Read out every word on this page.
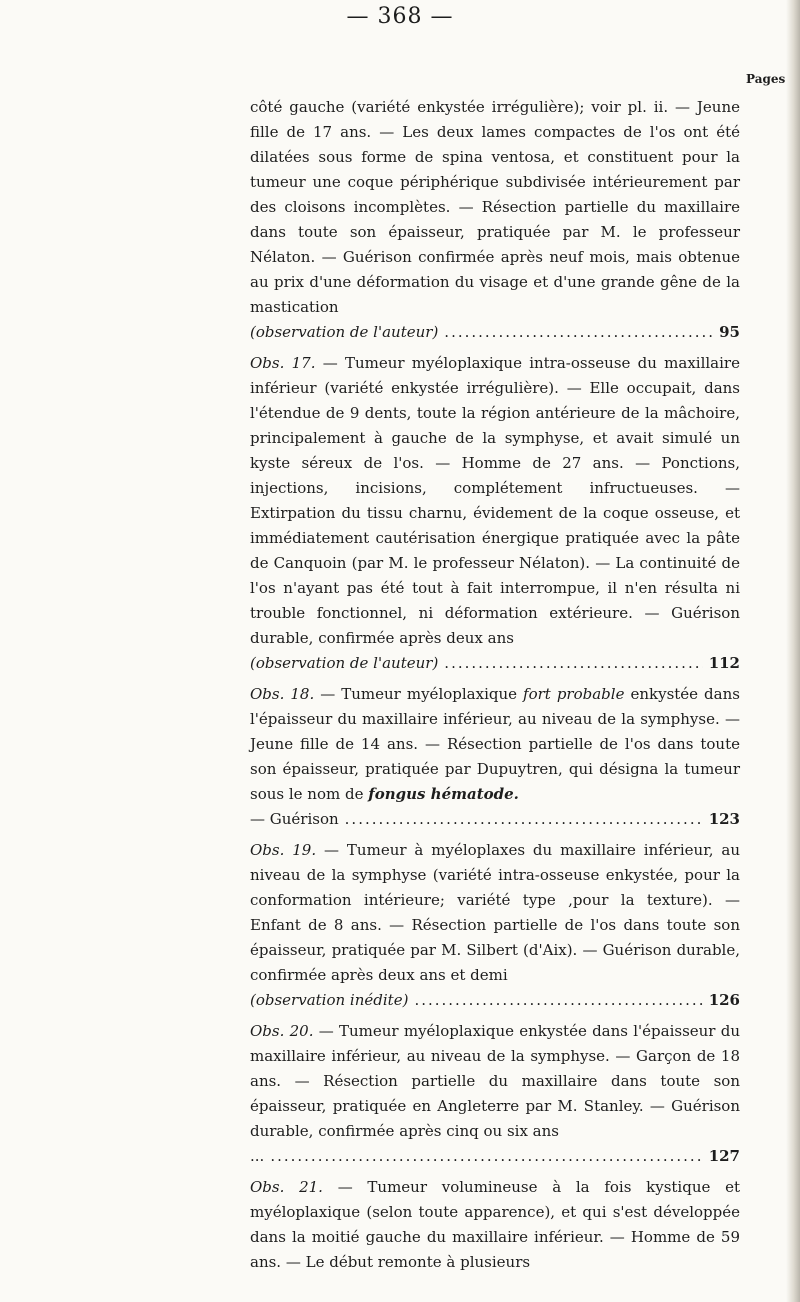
— 368 —
Pages
côté gauche (variété enkystée irrégulière); voir pl. ii. — Jeune fille de 17 ans. — Les deux lames compactes de l'os ont été dilatées sous forme de spina ventosa, et constituent pour la tumeur une coque périphérique subdivisée intérieurement par des cloisons incomplètes. — Résection partielle du maxillaire dans toute son épaisseur, pratiquée par M. le professeur Nélaton. — Guérison confirmée après neuf mois, mais obtenue au prix d'une déformation du visage et d'une grande gêne de la mastication
(observation de l'auteur) .....	95
Obs. 17. — Tumeur myéloplaxique intra-osseuse du maxillaire inférieur (variété enkystée irrégulière). — Elle occupait, dans l'étendue de 9 dents, toute la région antérieure de la mâchoire, principalement à gauche de la symphyse, et avait simulé un kyste séreux de l'os. — Homme de 27 ans. — Ponctions, injections, incisions, complétement infructueuses. — Extirpation du tissu charnu, évidement de la coque osseuse, et immédiatement cautérisation énergique pratiquée avec la pâte de Canquoin (par M. le professeur Nélaton). — La continuité de l'os n'ayant pas été tout à fait interrompue, il n'en résulta ni trouble fonctionnel, ni déformation extérieure. — Guérison durable, confirmée après deux ans
(observation de l'auteur) .....	112
Obs. 18. — Tumeur myéloplaxique fort probable enkystée dans l'épaisseur du maxillaire inférieur, au niveau de la symphyse. — Jeune fille de 14 ans. — Résection partielle de l'os dans toute son épaisseur, pratiquée par Dupuytren, qui désigna la tumeur sous le nom de fongus hématode.
— Guérison .....	123
Obs. 19. — Tumeur à myéloplaxes du maxillaire inférieur, au niveau de la symphyse (variété intra-osseuse enkystée, pour la conformation intérieure; variété type ,pour la texture). — Enfant de 8 ans. — Résection partielle de l'os dans toute son épaisseur, pratiquée par M. Silbert (d'Aix). — Guérison durable, confirmée après deux ans et demi
(observation inédite) .....	126
Obs. 20. — Tumeur myéloplaxique enkystée dans l'épaisseur du maxillaire inférieur, au niveau de la symphyse. — Garçon de 18 ans. — Résection partielle du maxillaire dans toute son épaisseur, pratiquée en Angleterre par M. Stanley. — Guérison durable, confirmée après cinq ou six ans
... .....	127
Obs. 21. — Tumeur volumineuse à la fois kystique et myéloplaxique (selon toute apparence), et qui s'est développée dans la moitié gauche du maxillaire inférieur. — Homme de 59 ans. — Le début remonte à plusieurs
